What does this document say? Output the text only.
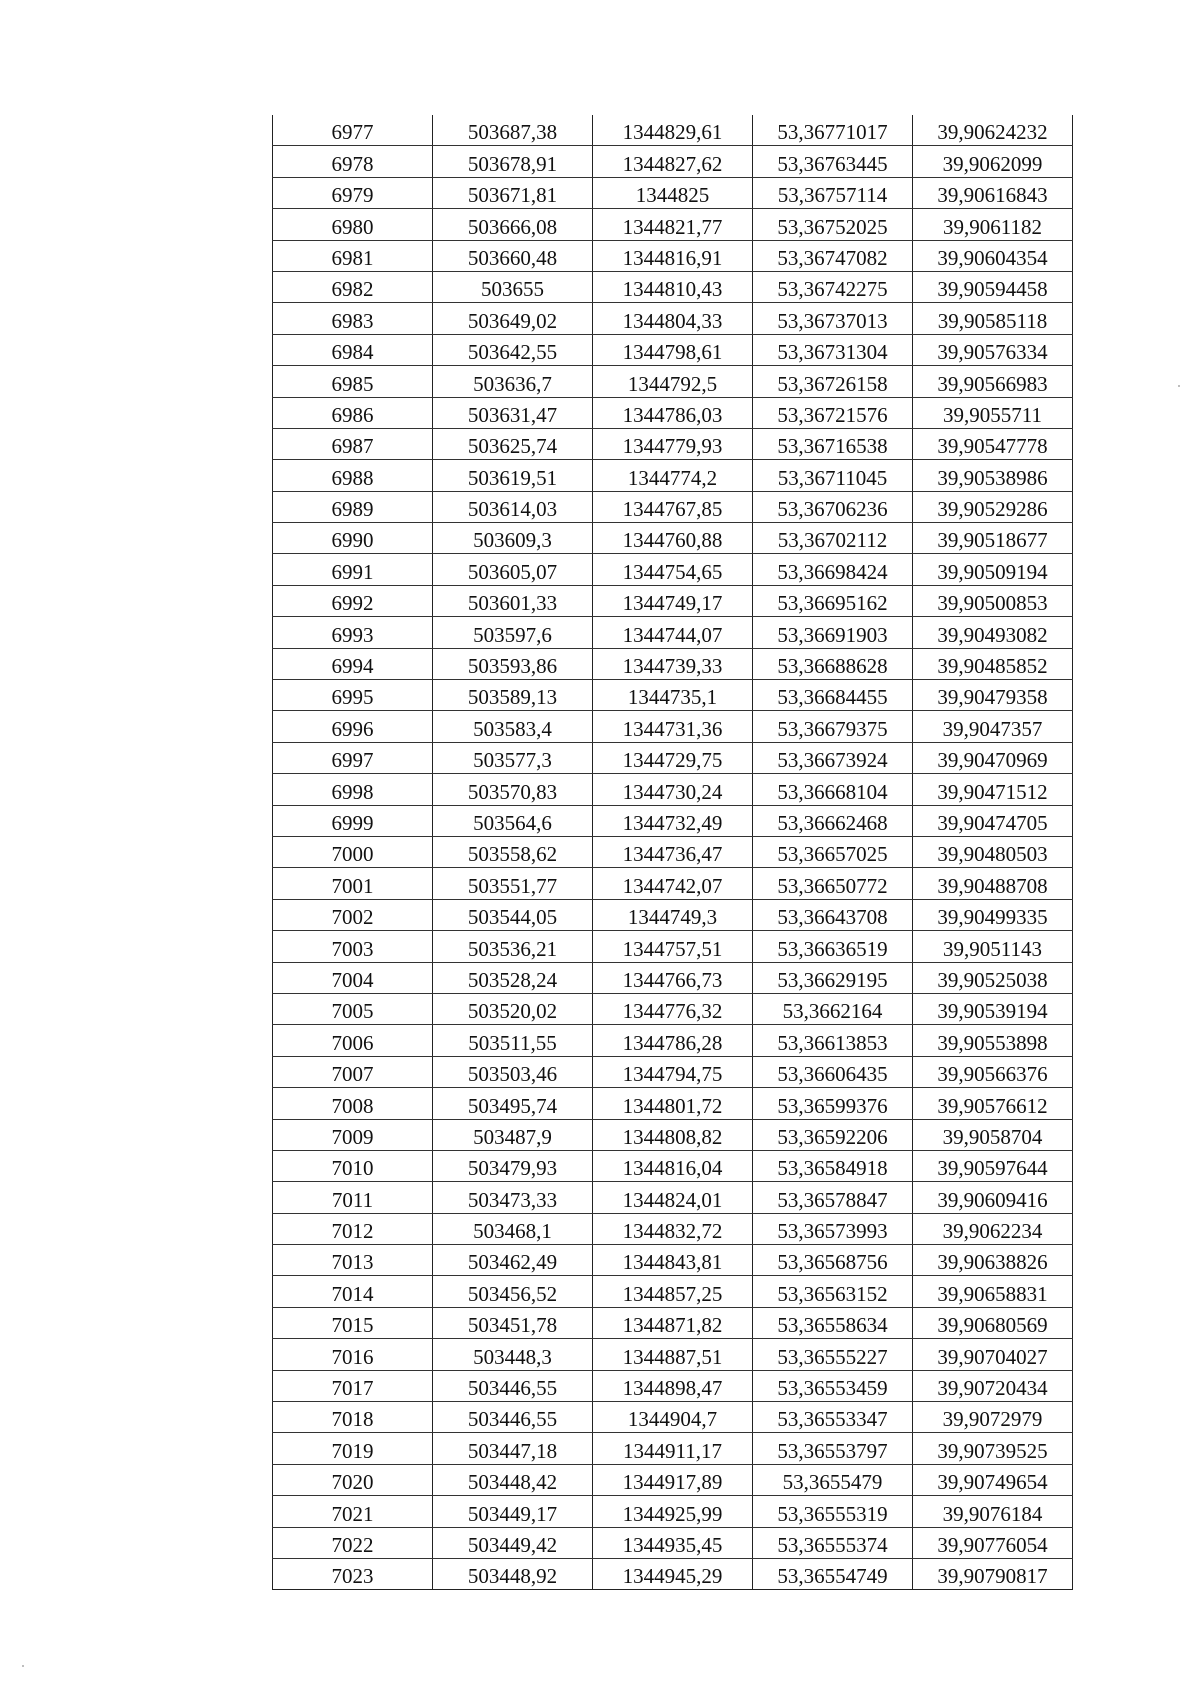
6977	503687,38	1344829,61	53,36771017	39,90624232
6978	503678,91	1344827,62	53,36763445	39,9062099
6979	503671,81	1344825	53,36757114	39,90616843
6980	503666,08	1344821,77	53,36752025	39,9061182
6981	503660,48	1344816,91	53,36747082	39,90604354
6982	503655	1344810,43	53,36742275	39,90594458
6983	503649,02	1344804,33	53,36737013	39,90585118
6984	503642,55	1344798,61	53,36731304	39,90576334
6985	503636,7	1344792,5	53,36726158	39,90566983
6986	503631,47	1344786,03	53,36721576	39,9055711
6987	503625,74	1344779,93	53,36716538	39,90547778
6988	503619,51	1344774,2	53,36711045	39,90538986
6989	503614,03	1344767,85	53,36706236	39,90529286
6990	503609,3	1344760,88	53,36702112	39,90518677
6991	503605,07	1344754,65	53,36698424	39,90509194
6992	503601,33	1344749,17	53,36695162	39,90500853
6993	503597,6	1344744,07	53,36691903	39,90493082
6994	503593,86	1344739,33	53,36688628	39,90485852
6995	503589,13	1344735,1	53,36684455	39,90479358
6996	503583,4	1344731,36	53,36679375	39,9047357
6997	503577,3	1344729,75	53,36673924	39,90470969
6998	503570,83	1344730,24	53,36668104	39,90471512
6999	503564,6	1344732,49	53,36662468	39,90474705
7000	503558,62	1344736,47	53,36657025	39,90480503
7001	503551,77	1344742,07	53,36650772	39,90488708
7002	503544,05	1344749,3	53,36643708	39,90499335
7003	503536,21	1344757,51	53,36636519	39,9051143
7004	503528,24	1344766,73	53,36629195	39,90525038
7005	503520,02	1344776,32	53,3662164	39,90539194
7006	503511,55	1344786,28	53,36613853	39,90553898
7007	503503,46	1344794,75	53,36606435	39,90566376
7008	503495,74	1344801,72	53,36599376	39,90576612
7009	503487,9	1344808,82	53,36592206	39,9058704
7010	503479,93	1344816,04	53,36584918	39,90597644
7011	503473,33	1344824,01	53,36578847	39,90609416
7012	503468,1	1344832,72	53,36573993	39,9062234
7013	503462,49	1344843,81	53,36568756	39,90638826
7014	503456,52	1344857,25	53,36563152	39,90658831
7015	503451,78	1344871,82	53,36558634	39,90680569
7016	503448,3	1344887,51	53,36555227	39,90704027
7017	503446,55	1344898,47	53,36553459	39,90720434
7018	503446,55	1344904,7	53,36553347	39,9072979
7019	503447,18	1344911,17	53,36553797	39,90739525
7020	503448,42	1344917,89	53,3655479	39,90749654
7021	503449,17	1344925,99	53,36555319	39,9076184
7022	503449,42	1344935,45	53,36555374	39,90776054
7023	503448,92	1344945,29	53,36554749	39,90790817
